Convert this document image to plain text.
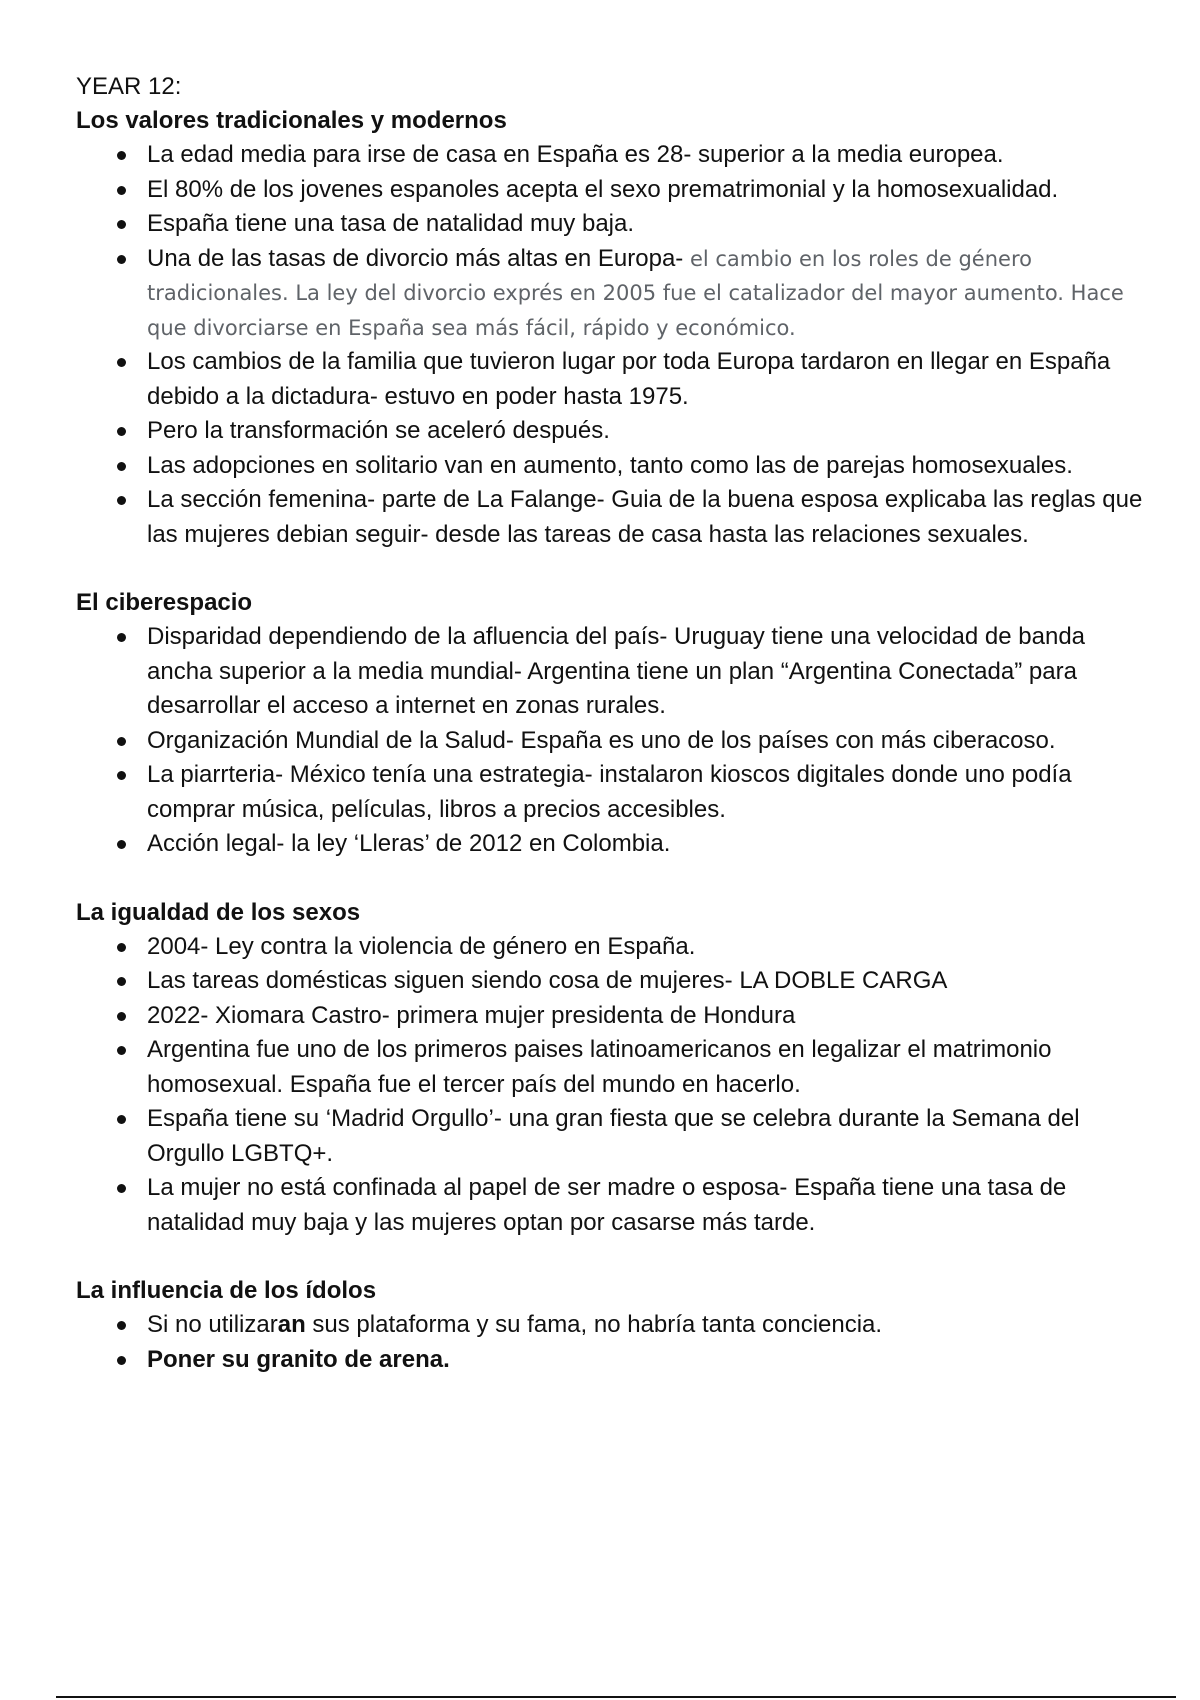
YEAR 12:

Los valores tradicionales y modernos

La edad media para irse de casa en España es 28- superior a la media europea.
El 80% de los jovenes espanoles acepta el sexo prematrimonial y la homosexualidad.
España tiene una tasa de natalidad muy baja.
Una de las tasas de divorcio más altas en Europa- el cambio en los roles de género tradicionales. La ley del divorcio exprés en 2005 fue el catalizador del mayor aumento. Hace que divorciarse en España sea más fácil, rápido y económico.
Los cambios de la familia que tuvieron lugar por toda Europa tardaron en llegar en España debido a la dictadura- estuvo en poder hasta 1975.
Pero la transformación se aceleró después.
Las adopciones en solitario van en aumento, tanto como las de parejas homosexuales.
La sección femenina- parte de La Falange- Guia de la buena esposa explicaba las reglas que las mujeres debian seguir- desde las tareas de casa hasta las relaciones sexuales.

El ciberespacio

Disparidad dependiendo de la afluencia del país- Uruguay tiene una velocidad de banda ancha superior a la media mundial- Argentina tiene un plan “Argentina Conectada” para desarrollar el acceso a internet en zonas rurales.
Organización Mundial de la Salud- España es uno de los países con más ciberacoso.
La piarrteria- México tenía una estrategia- instalaron kioscos digitales donde uno podía comprar música, películas, libros a precios accesibles.
Acción legal- la ley ‘Lleras’ de 2012 en Colombia.

La igualdad de los sexos

2004- Ley contra la violencia de género en España.
Las tareas domésticas siguen siendo cosa de mujeres- LA DOBLE CARGA
2022- Xiomara Castro- primera mujer presidenta de Hondura
Argentina fue uno de los primeros paises latinoamericanos en legalizar el matrimonio homosexual. España fue el tercer país del mundo en hacerlo.
España tiene su ‘Madrid Orgullo’- una gran fiesta que se celebra durante la Semana del Orgullo LGBTQ+.
La mujer no está confinada al papel de ser madre o esposa- España tiene una tasa de natalidad muy baja y las mujeres optan por casarse más tarde.

La influencia de los ídolos

Si no utilizaran sus plataforma y su fama, no habría tanta conciencia.
Poner su granito de arena.
